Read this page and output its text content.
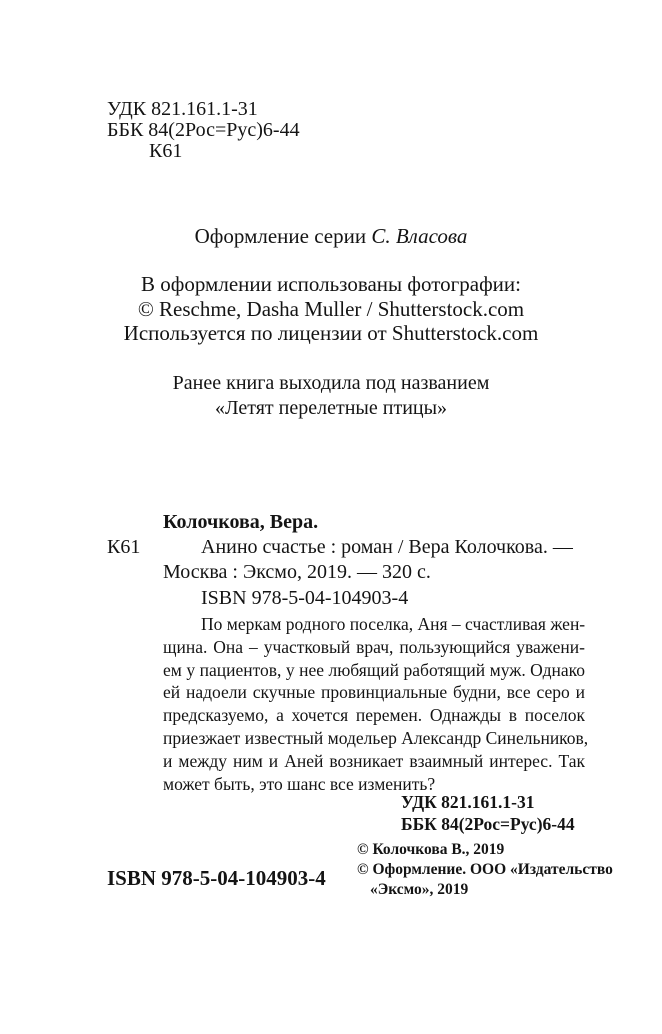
УДК 821.161.1-31
ББК 84(2Рос=Рус)6-44
К61
Оформление серии С. Власова
В оформлении использованы фотографии:
© Reschme, Dasha Muller / Shutterstock.com
Используется по лицензии от Shutterstock.com
Ранее книга выходила под названием
«Летят перелетные птицы»
Колочкова, Вера.
К61	Анино счастье : роман / Вера Колочкова. —
Москва : Эксмо, 2019. — 320 с.
ISBN 978-5-04-104903-4
По меркам родного поселка, Аня – счастливая жен-
щина. Она – участковый врач, пользующийся уважени-
ем у пациентов, у нее любящий работящий муж. Однако
ей надоели скучные провинциальные будни, все серо и
предсказуемо, а хочется перемен. Однажды в поселок
приезжает известный модельер Александр Синельников,
и между ним и Аней возникает взаимный интерес. Так
может быть, это шанс все изменить?
УДК 821.161.1-31
ББК 84(2Рос=Рус)6-44
ISBN 978-5-04-104903-4
© Колочкова В., 2019
© Оформление. ООО «Издательство
«Эксмо», 2019
